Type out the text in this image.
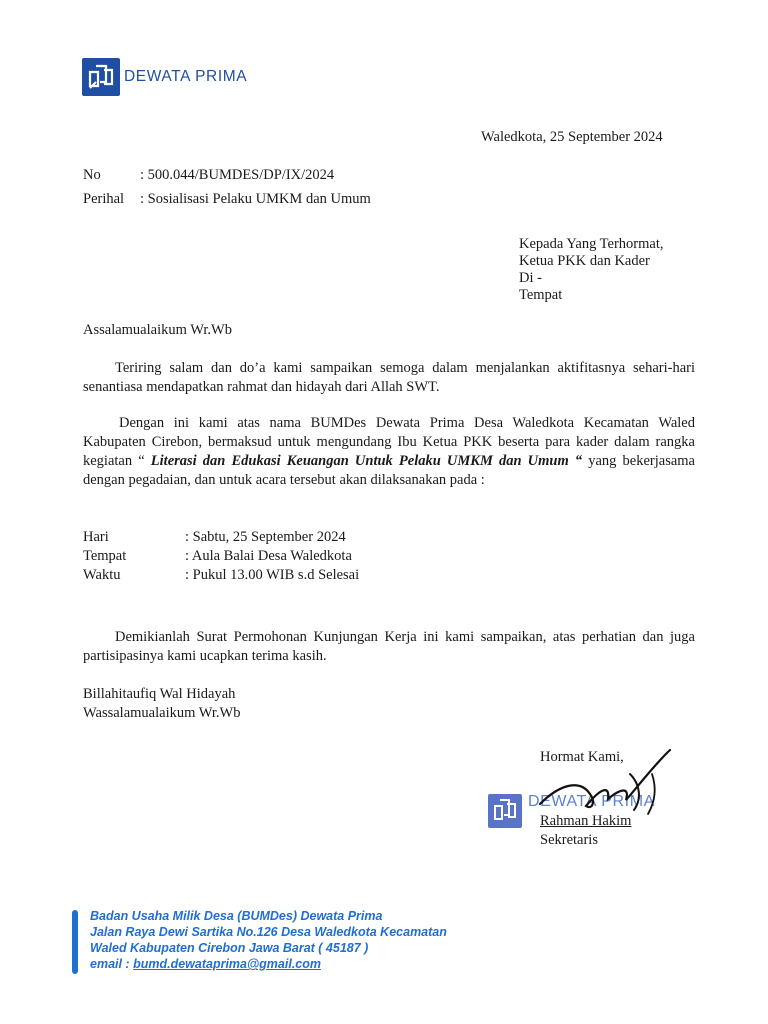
DEWATA PRIMA
Waledkota, 25 September 2024
No	: 500.044/BUMDES/DP/IX/2024
Perihal	: Sosialisasi Pelaku UMKM dan Umum
Kepada Yang Terhormat,
Ketua PKK dan Kader
Di -
Tempat
Assalamualaikum Wr.Wb
Teriring salam dan do’a kami sampaikan semoga dalam menjalankan aktifitasnya sehari-hari senantiasa mendapatkan rahmat dan hidayah dari Allah SWT.
Dengan ini kami atas nama BUMDes Dewata Prima Desa Waledkota Kecamatan Waled Kabupaten Cirebon, bermaksud untuk mengundang Ibu Ketua PKK beserta para kader dalam rangka kegiatan “ Literasi dan Edukasi Keuangan Untuk Pelaku UMKM dan Umum “ yang bekerjasama dengan pegadaian, dan untuk acara tersebut akan dilaksanakan pada :
Hari	: Sabtu, 25 September 2024
Tempat	: Aula Balai Desa Waledkota
Waktu	: Pukul 13.00 WIB s.d Selesai
Demikianlah Surat Permohonan Kunjungan Kerja ini kami sampaikan, atas perhatian dan juga partisipasinya kami ucapkan terima kasih.
Billahitaufiq Wal Hidayah
Wassalamualaikum Wr.Wb
DEWATA PRIMA
Hormat Kami,
Rahman Hakim
Sekretaris
Badan Usaha Milik Desa (BUMDes) Dewata Prima
Jalan Raya Dewi Sartika No.126 Desa Waledkota Kecamatan
Waled Kabupaten Cirebon Jawa Barat ( 45187 )
email : bumd.dewataprima@gmail.com
